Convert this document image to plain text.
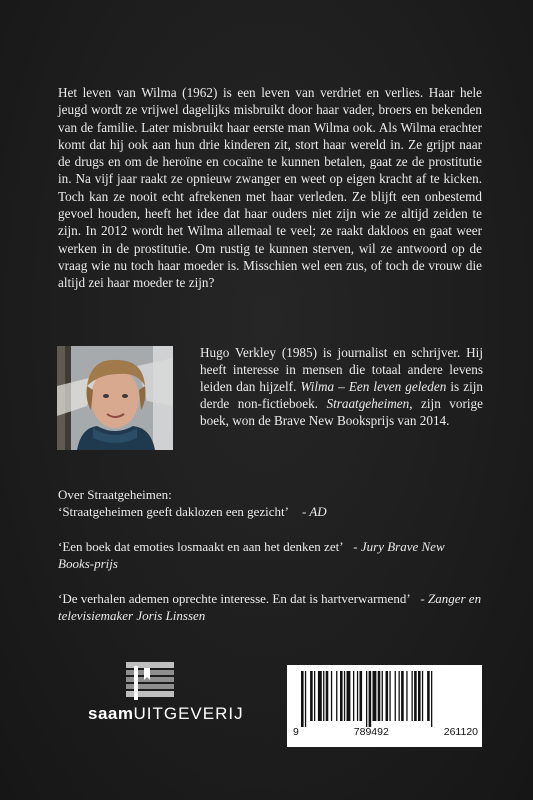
Het leven van Wilma (1962) is een leven van verdriet en verlies. Haar hele jeugd wordt ze vrijwel dagelijks misbruikt door haar vader, broers en bekenden van de familie. Later misbruikt haar eerste man Wilma ook. Als Wilma erachter komt dat hij ook aan hun drie kinderen zit, stort haar wereld in. Ze grijpt naar de drugs en om de heroïne en cocaïne te kunnen betalen, gaat ze de prostitutie in. Na vijf jaar raakt ze opnieuw zwanger en weet op eigen kracht af te kicken. Toch kan ze nooit echt afrekenen met haar verleden. Ze blijft een onbestemd gevoel houden, heeft het idee dat haar ouders niet zijn wie ze altijd zeiden te zijn. In 2012 wordt het Wilma allemaal te veel; ze raakt dakloos en gaat weer werken in de prostitutie. Om rustig te kunnen sterven, wil ze antwoord op de vraag wie nu toch haar moeder is. Misschien wel een zus, of toch de vrouw die altijd zei haar moeder te zijn?

Hugo Verkley (1985) is journalist en schrijver. Hij heeft interesse in mensen die totaal andere levens leiden dan hijzelf. Wilma – Een leven geleden is zijn derde non-fictieboek. Straatgeheimen, zijn vorige boek, won de Brave New Booksprijs van 2014.

Over Straatgeheimen:
‘Straatgeheimen geeft daklozen een gezicht’ - AD

‘Een boek dat emoties losmaakt en aan het denken zet’ - Jury Brave New Books-prijs

‘De verhalen ademen oprechte interesse. En dat is hartverwarmend’ - Zanger en televisiemaker Joris Linssen

saamUITGEVERIJ
9	789492	261120
